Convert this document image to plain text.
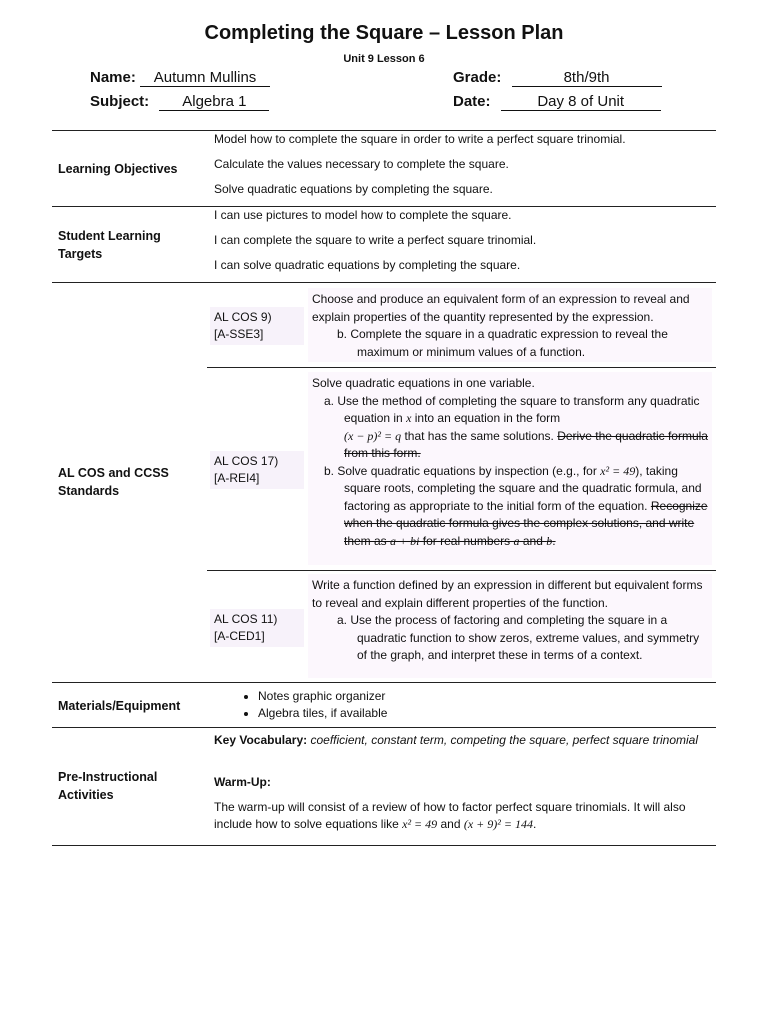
Completing the Square – Lesson Plan
Unit 9 Lesson 6
Name: Autumn Mullins
Subject: Algebra 1
Grade:	8th/9th
Date:	Day 8 of Unit
Learning Objectives
Model how to complete the square in order to write a perfect square trinomial.
Calculate the values necessary to complete the square.
Solve quadratic equations by completing the square.
Student Learning
Targets
I can use pictures to model how to complete the square.
I can complete the square to write a perfect square trinomial.
I can solve quadratic equations by completing the square.
AL COS and CCSS
Standards
AL COS 9)
[A-SSE3]
Choose and produce an equivalent form of an expression to reveal and explain properties of the quantity represented by the expression.
b. Complete the square in a quadratic expression to reveal the maximum or minimum values of a function.
AL COS 17)
[A-REI4]
Solve quadratic equations in one variable.
a. Use the method of completing the square to transform any quadratic equation in x into an equation in the form
(x − p)² = q that has the same solutions. Derive the quadratic formula from this form.
b. Solve quadratic equations by inspection (e.g., for x² = 49), taking square roots, completing the square and the quadratic formula, and factoring as appropriate to the initial form of the equation. Recognize when the quadratic formula gives the complex solutions, and write them as a + bi for real numbers a and b.
AL COS 11)
[A-CED1]
Write a function defined by an expression in different but equivalent forms to reveal and explain different properties of the function.
a. Use the process of factoring and completing the square in a quadratic function to show zeros, extreme values, and symmetry of the graph, and interpret these in terms of a context.
Materials/Equipment
• Notes graphic organizer
• Algebra tiles, if available
Pre-Instructional
Activities
Key Vocabulary: coefficient, constant term, competing the square, perfect square trinomial
Warm-Up:
The warm-up will consist of a review of how to factor perfect square trinomials. It will also include how to solve equations like x² = 49 and (x + 9)² = 144.
